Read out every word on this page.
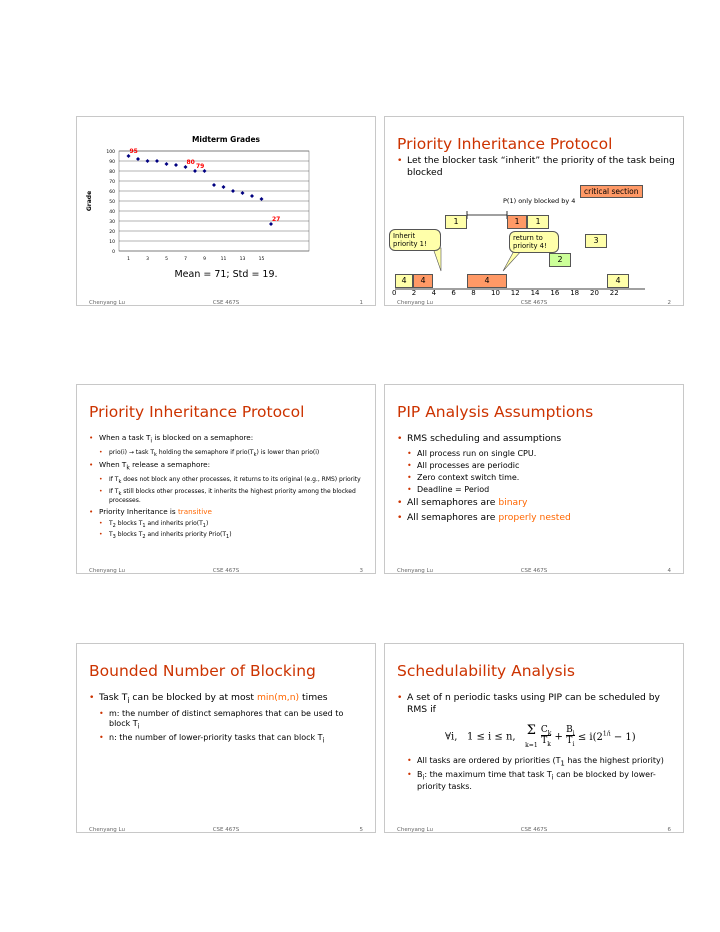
Midterm Grades
100
90
80
70
60
50
40
30
20
10
0
1	3	5	7	9	11	13	15
Grade
95
80
79
27
Mean = 71; Std = 19.
Chenyang Lu	CSE 467S	1
Priority Inheritance Protocol
• Let the blocker task “inherit” the priority of the task being blocked
critical section
P(1) only blocked by 4
1	1	1
Inherit priority 1!
return to priority 4!
3
2
4	4	4	4
0 2 4 6 8 10 12 14 16 18 20 22
Chenyang Lu	CSE 467S	2
Priority Inheritance Protocol
• When a task $T_i$ is blocked on a semaphore:
• prio(i) → task $T_k$ holding the semaphore if $prio(T_k)$ is lower than prio(i)
• When $T_k$ release a semaphore:
• If $T_k$ does not block any other processes, it returns to its original (e.g., RMS) priority
• If $T_k$ still blocks other processes, it inherits the highest priority among the blocked processes.
• Priority Inheritance is transitive
• $T_2$ blocks $T_1$ and inherits $prio(T_1)$
• $T_3$ blocks $T_2$ and inherits priority $Prio(T_1)$
Chenyang Lu	CSE 467S	3
PIP Analysis Assumptions
• RMS scheduling and assumptions
• All process run on single CPU.
• All processes are periodic
• Zero context switch time.
• Deadline = Period
• All semaphores are binary
• All semaphores are properly nested
Chenyang Lu	CSE 467S	4
Bounded Number of Blocking
• Task $T_i$ can be blocked by at most min(m,n) times
• m: the number of distinct semaphores that can be used to block $T_i$
• n: the number of lower-priority tasks that can block $T_i$
Chenyang Lu	CSE 467S	5
Schedulability Analysis
• A set of n periodic tasks using PIP can be scheduled by RMS if
∀i,   1 ≤ i ≤ n,   Σ
k=1 $C_k$
$T_k + B_i$
$T_i \le i(2^{1/i} - 1)$
• All tasks are ordered by priorities ($T_1$ has the highest priority)
• $B_i$: the maximum time that task $T_i$ can be blocked by lower-priority tasks.
Chenyang Lu	CSE 467S	6
